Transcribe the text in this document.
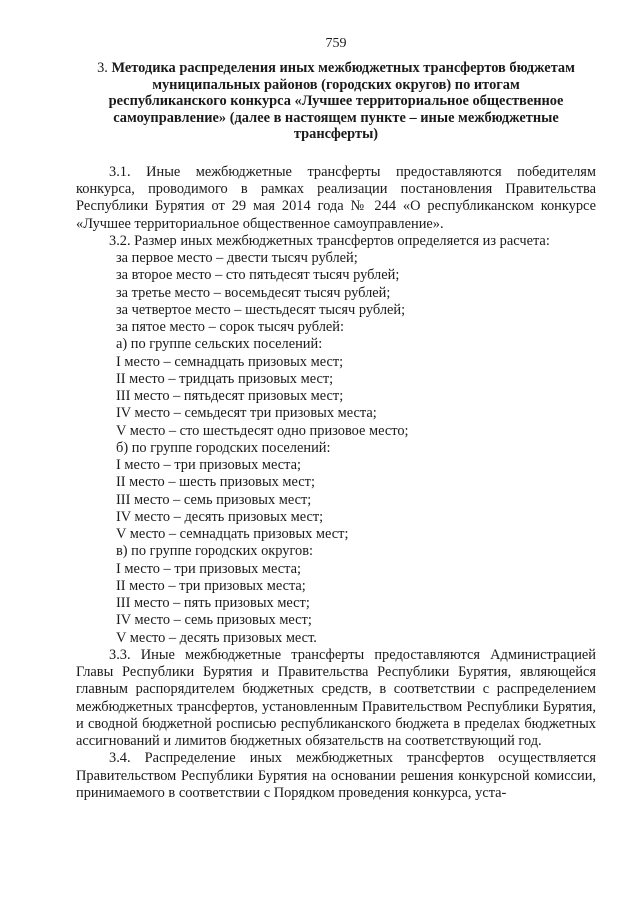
759
3. Методика распределения иных межбюджетных трансфертов бюджетам муниципальных районов (городских округов) по итогам республиканского конкурса «Лучшее территориальное общественное самоуправление» (далее в настоящем пункте – иные межбюджетные трансферты)

3.1. Иные межбюджетные трансферты предоставляются победителям конкурса, проводимого в рамках реализации постановления Правительства Республики Бурятия от 29 мая 2014 года № 244 «О республиканском конкурсе «Лучшее территориальное общественное самоуправление».

3.2. Размер иных межбюджетных трансфертов определяется из расчета:

за первое место – двести тысяч рублей;

за второе место – сто пятьдесят тысяч рублей;

за третье место – восемьдесят тысяч рублей;

за четвертое место – шестьдесят тысяч рублей;

за пятое место – сорок тысяч рублей:

а) по группе сельских поселений:

I место – семнадцать призовых мест;

II место – тридцать призовых мест;

III место – пятьдесят призовых мест;

IV место – семьдесят три призовых места;

V место – сто шестьдесят одно призовое место;

б) по группе городских поселений:

I место – три призовых места;

II место – шесть призовых мест;

III место – семь призовых мест;

IV место – десять призовых мест;

V место – семнадцать призовых мест;

в) по группе городских округов:

I место – три призовых места;

II место – три призовых места;

III место – пять призовых мест;

IV место – семь призовых мест;

V место – десять призовых мест.

3.3. Иные межбюджетные трансферты предоставляются Администрацией Главы Республики Бурятия и Правительства Республики Бурятия, являющейся главным распорядителем бюджетных средств, в соответствии с распределением межбюджетных трансфертов, установленным Правительством Республики Бурятия, и сводной бюджетной росписью республиканского бюджета в пределах бюджетных ассигнований и лимитов бюджетных обязательств на соответствующий год.

3.4. Распределение иных межбюджетных трансфертов осуществляется Правительством Республики Бурятия на основании решения конкурсной комиссии, принимаемого в соответствии с Порядком проведения конкурса, уста-
